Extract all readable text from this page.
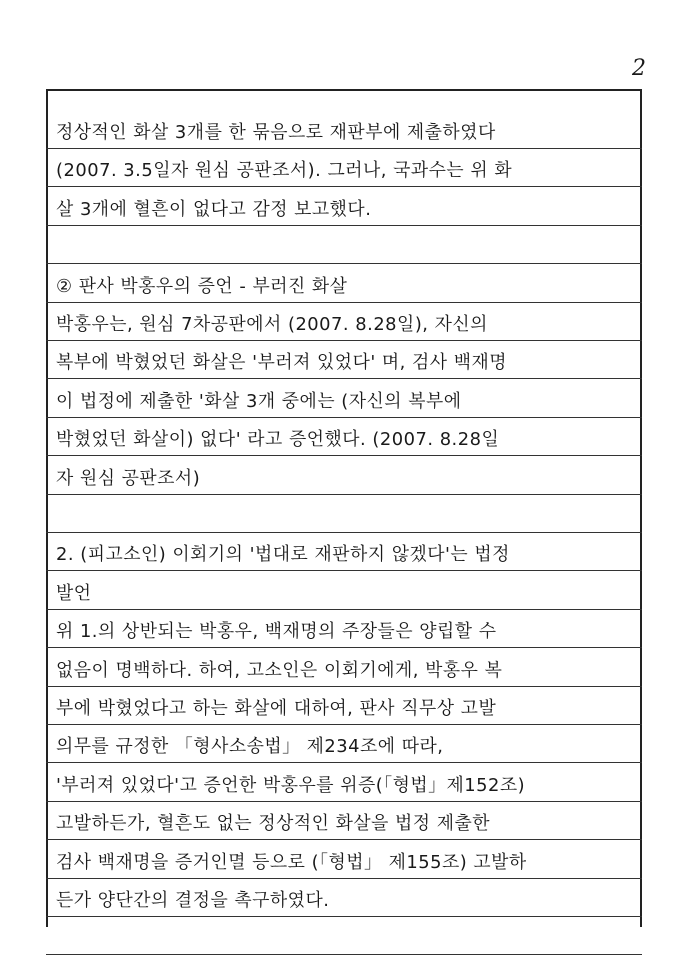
2
정상적인 화살 3개를 한 묶음으로 재판부에 제출하였다
(2007. 3.5일자 원심 공판조서). 그러나, 국과수는 위 화
살 3개에 혈흔이 없다고 감정 보고했다.
② 판사 박홍우의 증언 - 부러진 화살
박홍우는, 원심 7차공판에서 (2007. 8.28일), 자신의
복부에 박혔었던 화살은 '부러져 있었다' 며, 검사 백재명
이 법정에 제출한 '화살 3개 중에는 (자신의 복부에
박혔었던 화살이) 없다' 라고 증언했다. (2007. 8.28일
자 원심 공판조서)
2. (피고소인) 이회기의 '법대로 재판하지 않겠다'는 법정
발언
위 1.의 상반되는 박홍우, 백재명의 주장들은 양립할 수
없음이 명백하다. 하여, 고소인은 이회기에게, 박홍우 복
부에 박혔었다고 하는 화살에 대하여, 판사 직무상 고발
의무를 규정한 「형사소송법」 제234조에 따라,
'부러져 있었다'고 증언한 박홍우를 위증(「형법」제152조)
고발하든가, 혈흔도 없는 정상적인 화살을 법정 제출한
검사 백재명을 증거인멸 등으로 (「형법」 제155조) 고발하
든가 양단간의 결정을 촉구하였다.
